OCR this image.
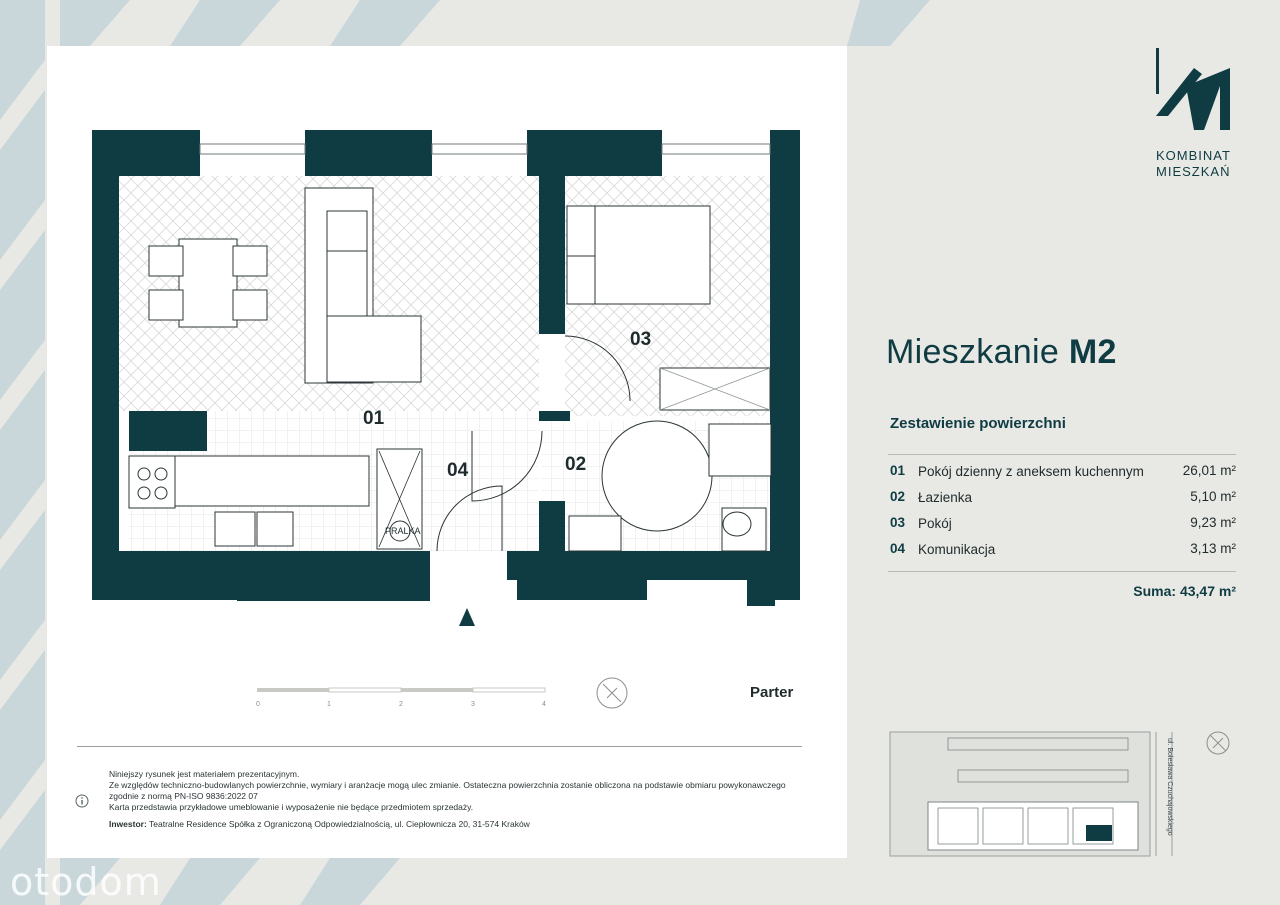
01
02
03
04
PRALKA
Parter
0	1	2	3	4

Niniejszy rysunek jest materiałem prezentacyjnym.

Ze względów techniczno-budowlanych powierzchnie, wymiary i aranżacje mogą ulec zmianie. Ostateczna powierzchnia zostanie obliczona na podstawie obmiaru powykonawczego zgodnie z normą PN-ISO 9836:2022 07

Karta przedstawia przykładowe umeblowanie i wyposażenie nie będące przedmiotem sprzedaży.

Inwestor: Teatralne Residence Spółka z Ograniczoną Odpowiedzialnością, ul. Ciepłownicza 20, 31-574 Kraków

KOMBINAT
MIESZKAŃ
Mieszkanie M2
Zestawienie powierzchni
01 Pokój dzienny z aneksem kuchennym	26,01 m²
02 Łazienka	5,10 m²
03 Pokój	9,23 m²
04 Komunikacja	3,13 m²
Suma: 43,47 m²
ul. Bolesława Czuchajowskiego
otodom
